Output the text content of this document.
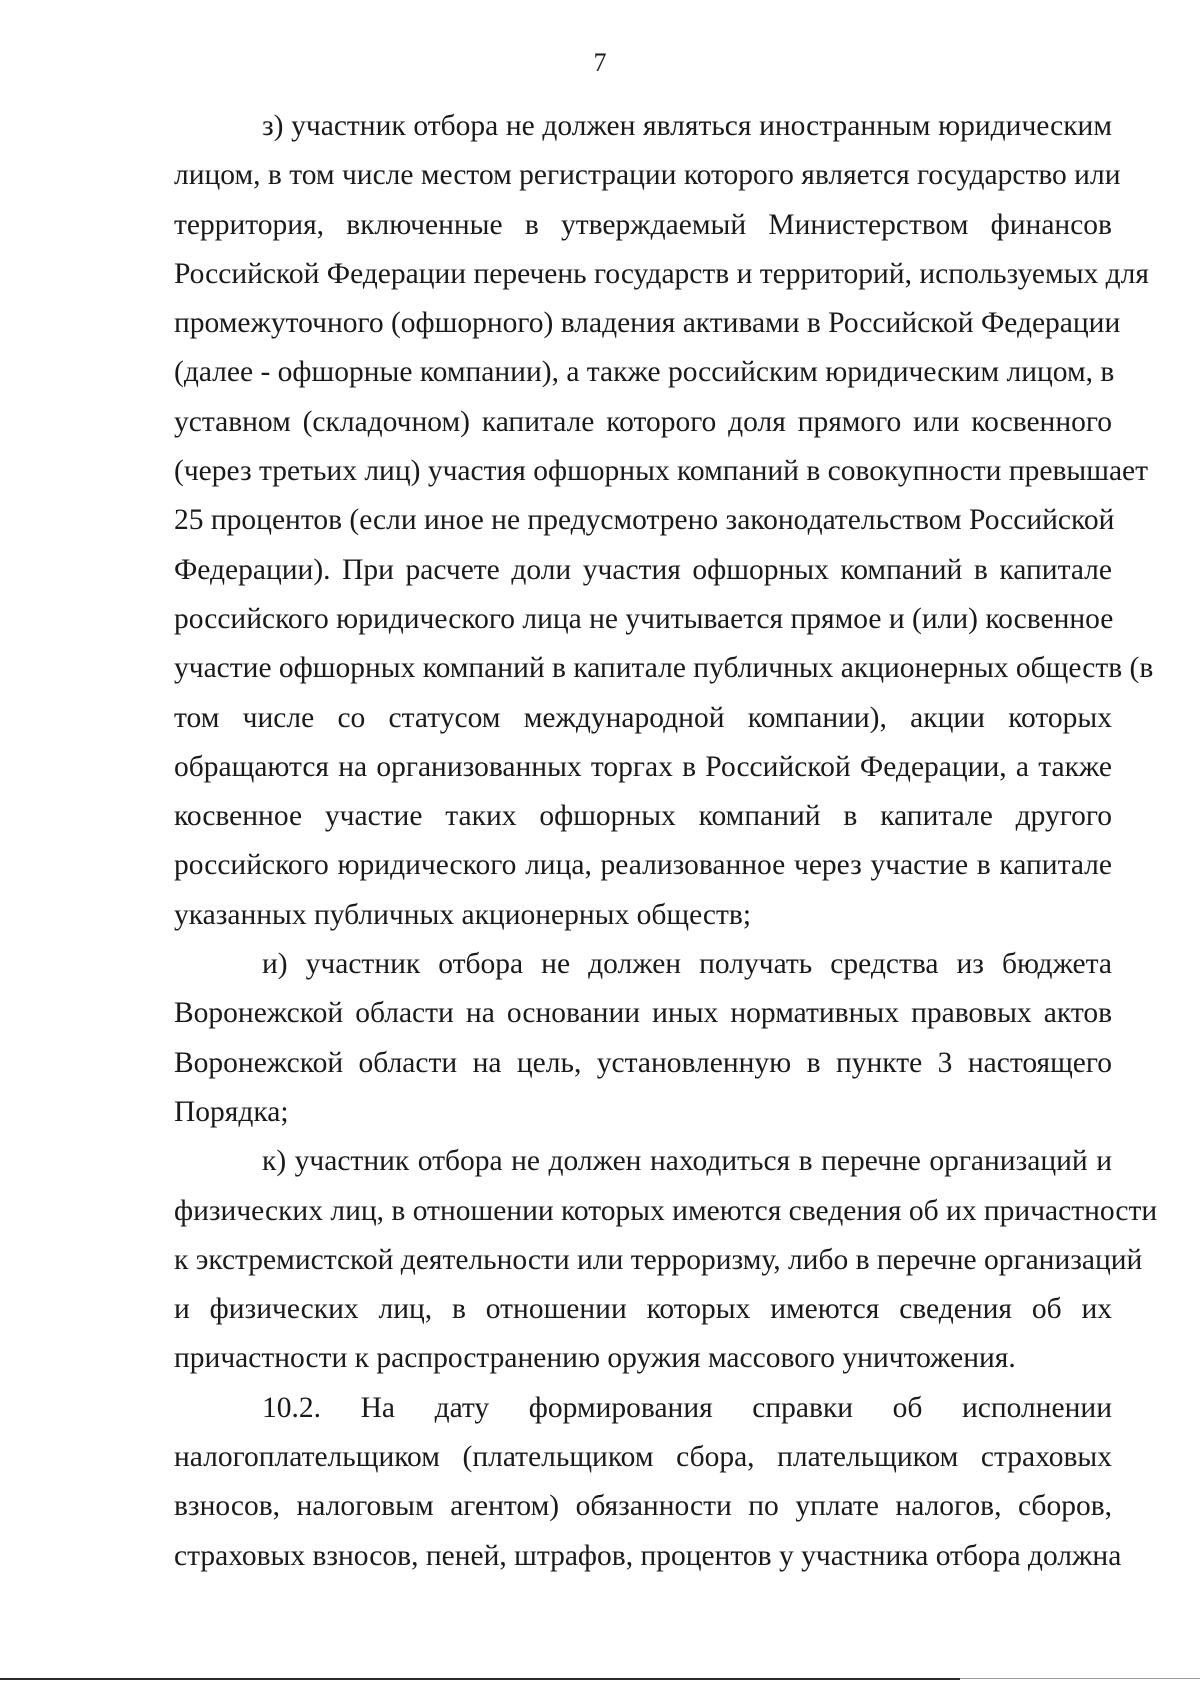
7
з) участник отбора не должен являться иностранным юридическим
лицом, в том числе местом регистрации которого является государство или
территория, включенные в утверждаемый Министерством финансов
Российской Федерации перечень государств и территорий, используемых для
промежуточного (офшорного) владения активами в Российской Федерации
(далее - офшорные компании), а также российским юридическим лицом, в
уставном (складочном) капитале которого доля прямого или косвенного
(через третьих лиц) участия офшорных компаний в совокупности превышает
25 процентов (если иное не предусмотрено законодательством Российской
Федерации). При расчете доли участия офшорных компаний в капитале
российского юридического лица не учитывается прямое и (или) косвенное
участие офшорных компаний в капитале публичных акционерных обществ (в
том числе со статусом международной компании), акции которых
обращаются на организованных торгах в Российской Федерации, а также
косвенное участие таких офшорных компаний в капитале другого
российского юридического лица, реализованное через участие в капитале
указанных публичных акционерных обществ;
и) участник отбора не должен получать средства из бюджета
Воронежской области на основании иных нормативных правовых актов
Воронежской области на цель, установленную в пункте 3 настоящего
Порядка;
к) участник отбора не должен находиться в перечне организаций и
физических лиц, в отношении которых имеются сведения об их причастности
к экстремистской деятельности или терроризму, либо в перечне организаций
и физических лиц, в отношении которых имеются сведения об их
причастности к распространению оружия массового уничтожения.
10.2. На дату формирования справки об исполнении
налогоплательщиком (плательщиком сбора, плательщиком страховых
взносов, налоговым агентом) обязанности по уплате налогов, сборов,
страховых взносов, пеней, штрафов, процентов у участника отбора должна
